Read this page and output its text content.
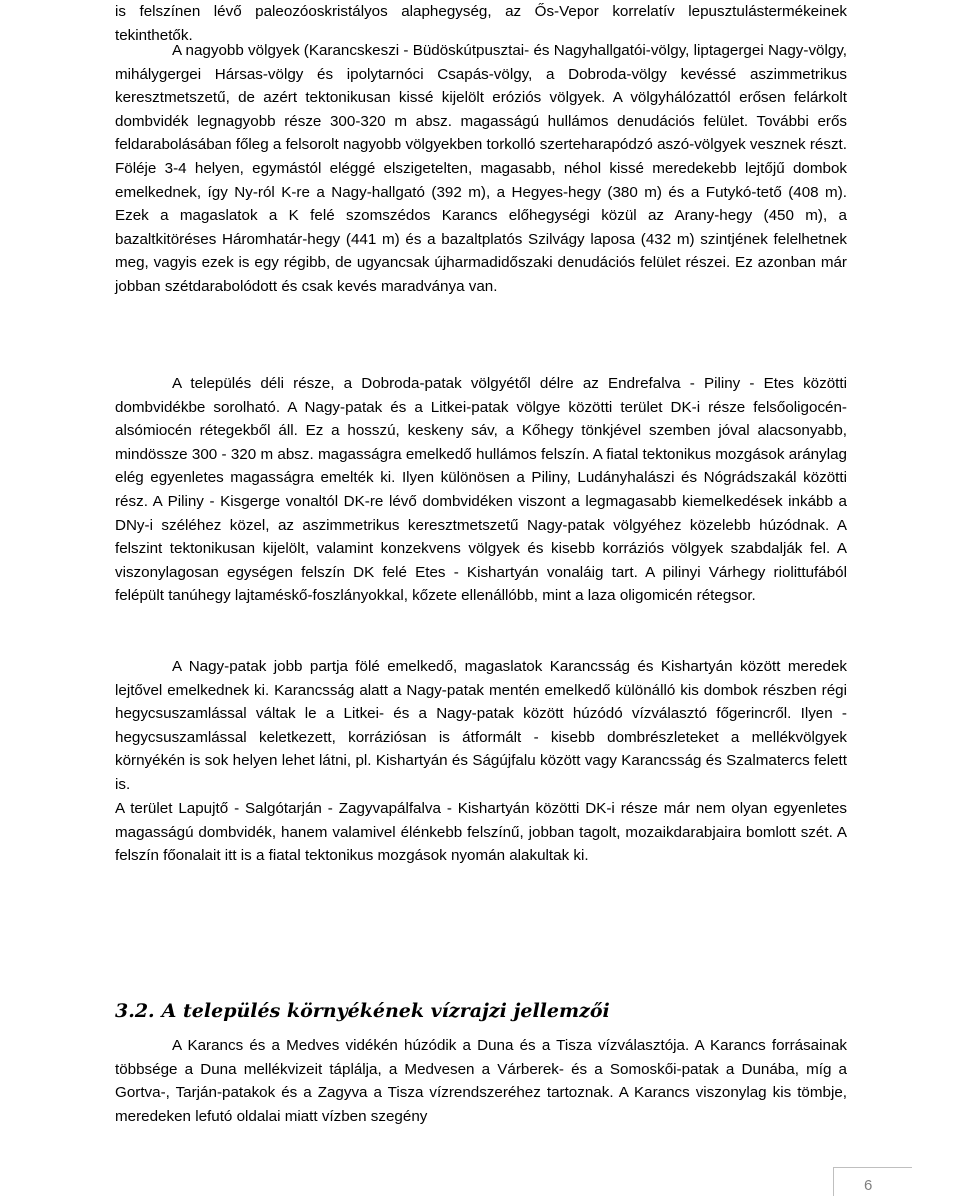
is felszínen lévő paleozóoskristályos alaphegység, az Ős-Vepor korrelatív lepusztulástermékeinek tekinthetők.

A nagyobb völgyek (Karancskeszi - Büdöskútpusztai- és Nagyhallgatói-völgy, liptagergei Nagy-völgy, mihálygergei Hársas-völgy és ipolytarnóci Csapás-völgy, a Dobroda-völgy kevéssé aszimmetrikus keresztmetszetű, de azért tektonikusan kissé kijelölt eróziós völgyek. A völgyhálózattól erősen felárkolt dombvidék legnagyobb része 300-320 m absz. magasságú hullámos denudációs felület. További erős feldarabolásában főleg a felsorolt nagyobb völgyekben torkolló szerteharapódzó aszó-völgyek vesznek részt. Föléje 3-4 helyen, egymástól eléggé elszigetelten, magasabb, néhol kissé meredekebb lejtőjű dombok emelkednek, így Ny-ról K-re a Nagy-hallgató (392 m), a Hegyes-hegy (380 m) és a Futykó-tető (408 m). Ezek a magaslatok a K felé szomszédos Karancs előhegységi közül az Arany-hegy (450 m), a bazaltkitöréses Háromhatár-hegy (441 m) és a bazaltplatós Szilvágy laposa (432 m) szintjének felelhetnek meg, vagyis ezek is egy régibb, de ugyancsak újharmadidőszaki denudációs felület részei. Ez azonban már jobban szétdarabolódott és csak kevés maradványa van.

A település déli része, a Dobroda-patak völgyétől délre az Endrefalva - Piliny - Etes közötti dombvidékbe sorolható. A Nagy-patak és a Litkei-patak völgye közötti terület DK-i része felsőoligocén-alsómiocén rétegekből áll. Ez a hosszú, keskeny sáv, a Kőhegy tönkjével szemben jóval alacsonyabb, mindössze 300 - 320 m absz. magasságra emelkedő hullámos felszín. A fiatal tektonikus mozgások aránylag elég egyenletes magasságra emelték ki. Ilyen különösen a Piliny, Ludányhalászi és Nógrádszakál közötti rész. A Piliny - Kisgerge vonaltól DK-re lévő dombvidéken viszont a legmagasabb kiemelkedések inkább a DNy-i széléhez közel, az aszimmetrikus keresztmetszetű Nagy-patak völgyéhez közelebb húzódnak. A felszint tektonikusan kijelölt, valamint konzekvens völgyek és kisebb korráziós völgyek szabdalják fel. A viszonylagosan egységen felszín DK felé Etes - Kishartyán vonaláig tart. A pilinyi Várhegy riolittufából felépült tanúhegy lajtaméskő-foszlányokkal, kőzete ellenállóbb, mint a laza oligomicén rétegsor.

A Nagy-patak jobb partja fölé emelkedő, magaslatok Karancsság és Kishartyán között meredek lejtővel emelkednek ki. Karancsság alatt a Nagy-patak mentén emelkedő különálló kis dombok részben régi hegycsuszamlással váltak le a Litkei- és a Nagy-patak között húzódó vízválasztó főgerincről. Ilyen - hegycsuszamlással keletkezett, korráziósan is átformált - kisebb dombrészleteket a mellékvölgyek környékén is sok helyen lehet látni, pl. Kishartyán és Ságújfalu között vagy Karancsság és Szalmatercs felett is.

A terület Lapujtő - Salgótarján - Zagyvapálfalva - Kishartyán közötti DK-i része már nem olyan egyenletes magasságú dombvidék, hanem valamivel élénkebb felszínű, jobban tagolt, mozaikdarabjaira bomlott szét. A felszín főonalait itt is a fiatal tektonikus mozgások nyomán alakultak ki.

3.2. A település környékének vízrajzi jellemzői

A Karancs és a Medves vidékén húzódik a Duna és a Tisza vízválasztója. A Karancs forrásainak többsége a Duna mellékvizeit táplálja, a Medvesen a Várberek- és a Somoskői-patak a Dunába, míg a Gortva-, Tarján-patakok és a Zagyva a Tisza vízrendszeréhez tartoznak. A Karancs viszonylag kis tömbje, meredeken lefutó oldalai miatt vízben szegény

6
